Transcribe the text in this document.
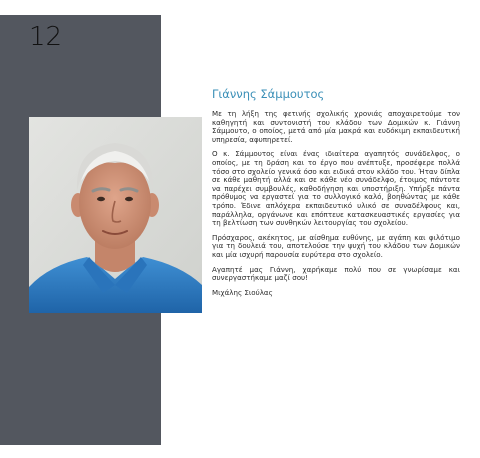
12
Γιάννης Σάμμουτος

Με τη λήξη της φετινής σχολικής χρονιάς αποχαιρετούμε τον καθηγητή και συντονιστή του κλάδου των Δομικών κ. Γιάννη Σάμμουτο, ο οποίος, μετά από μία μακρά και ευδόκιμη εκπαιδευτική υπηρεσία, αφυπηρετεί.

Ο κ. Σάμμουτος είναι ένας ιδιαίτερα αγαπητός συνάδελφος, ο οποίος, με τη δράση και το έργο που ανέπτυξε, προσέφερε πολλά τόσο στο σχολείο γενικά όσο και ειδικά στον κλάδο του. Ήταν δίπλα σε κάθε μαθητή αλλά και σε κάθε νέο συνάδελφο, έτοιμος πάντοτε να παρέχει συμβουλές, καθοδήγηση και υποστήριξη. Υπήρξε πάντα πρόθυμος να εργαστεί για το συλλογικό καλό, βοηθώντας με κάθε τρόπο. Έδινε απλόχερα εκπαιδευτικό υλικό σε συναδέλφους και, παράλληλα, οργάνωνε και επόπτευε κατασκευαστικές εργασίες για τη βελτίωση των συνθηκών λειτουργίας του σχολείου.

Πρόσχαρος, ακέκητος, με αίσθημα ευθύνης, με αγάπη και φιλότιμο για τη δουλειά του, αποτελούσε την ψυχή του κλάδου των Δομικών και μία ισχυρή παρουσία ευρύτερα στο σχολείο.

Αγαπητέ μας Γιάννη, χαρήκαμε πολύ που σε γνωρίσαμε και συνεργαστήκαμε μαζί σου!

Μιχάλης Σιούλας
